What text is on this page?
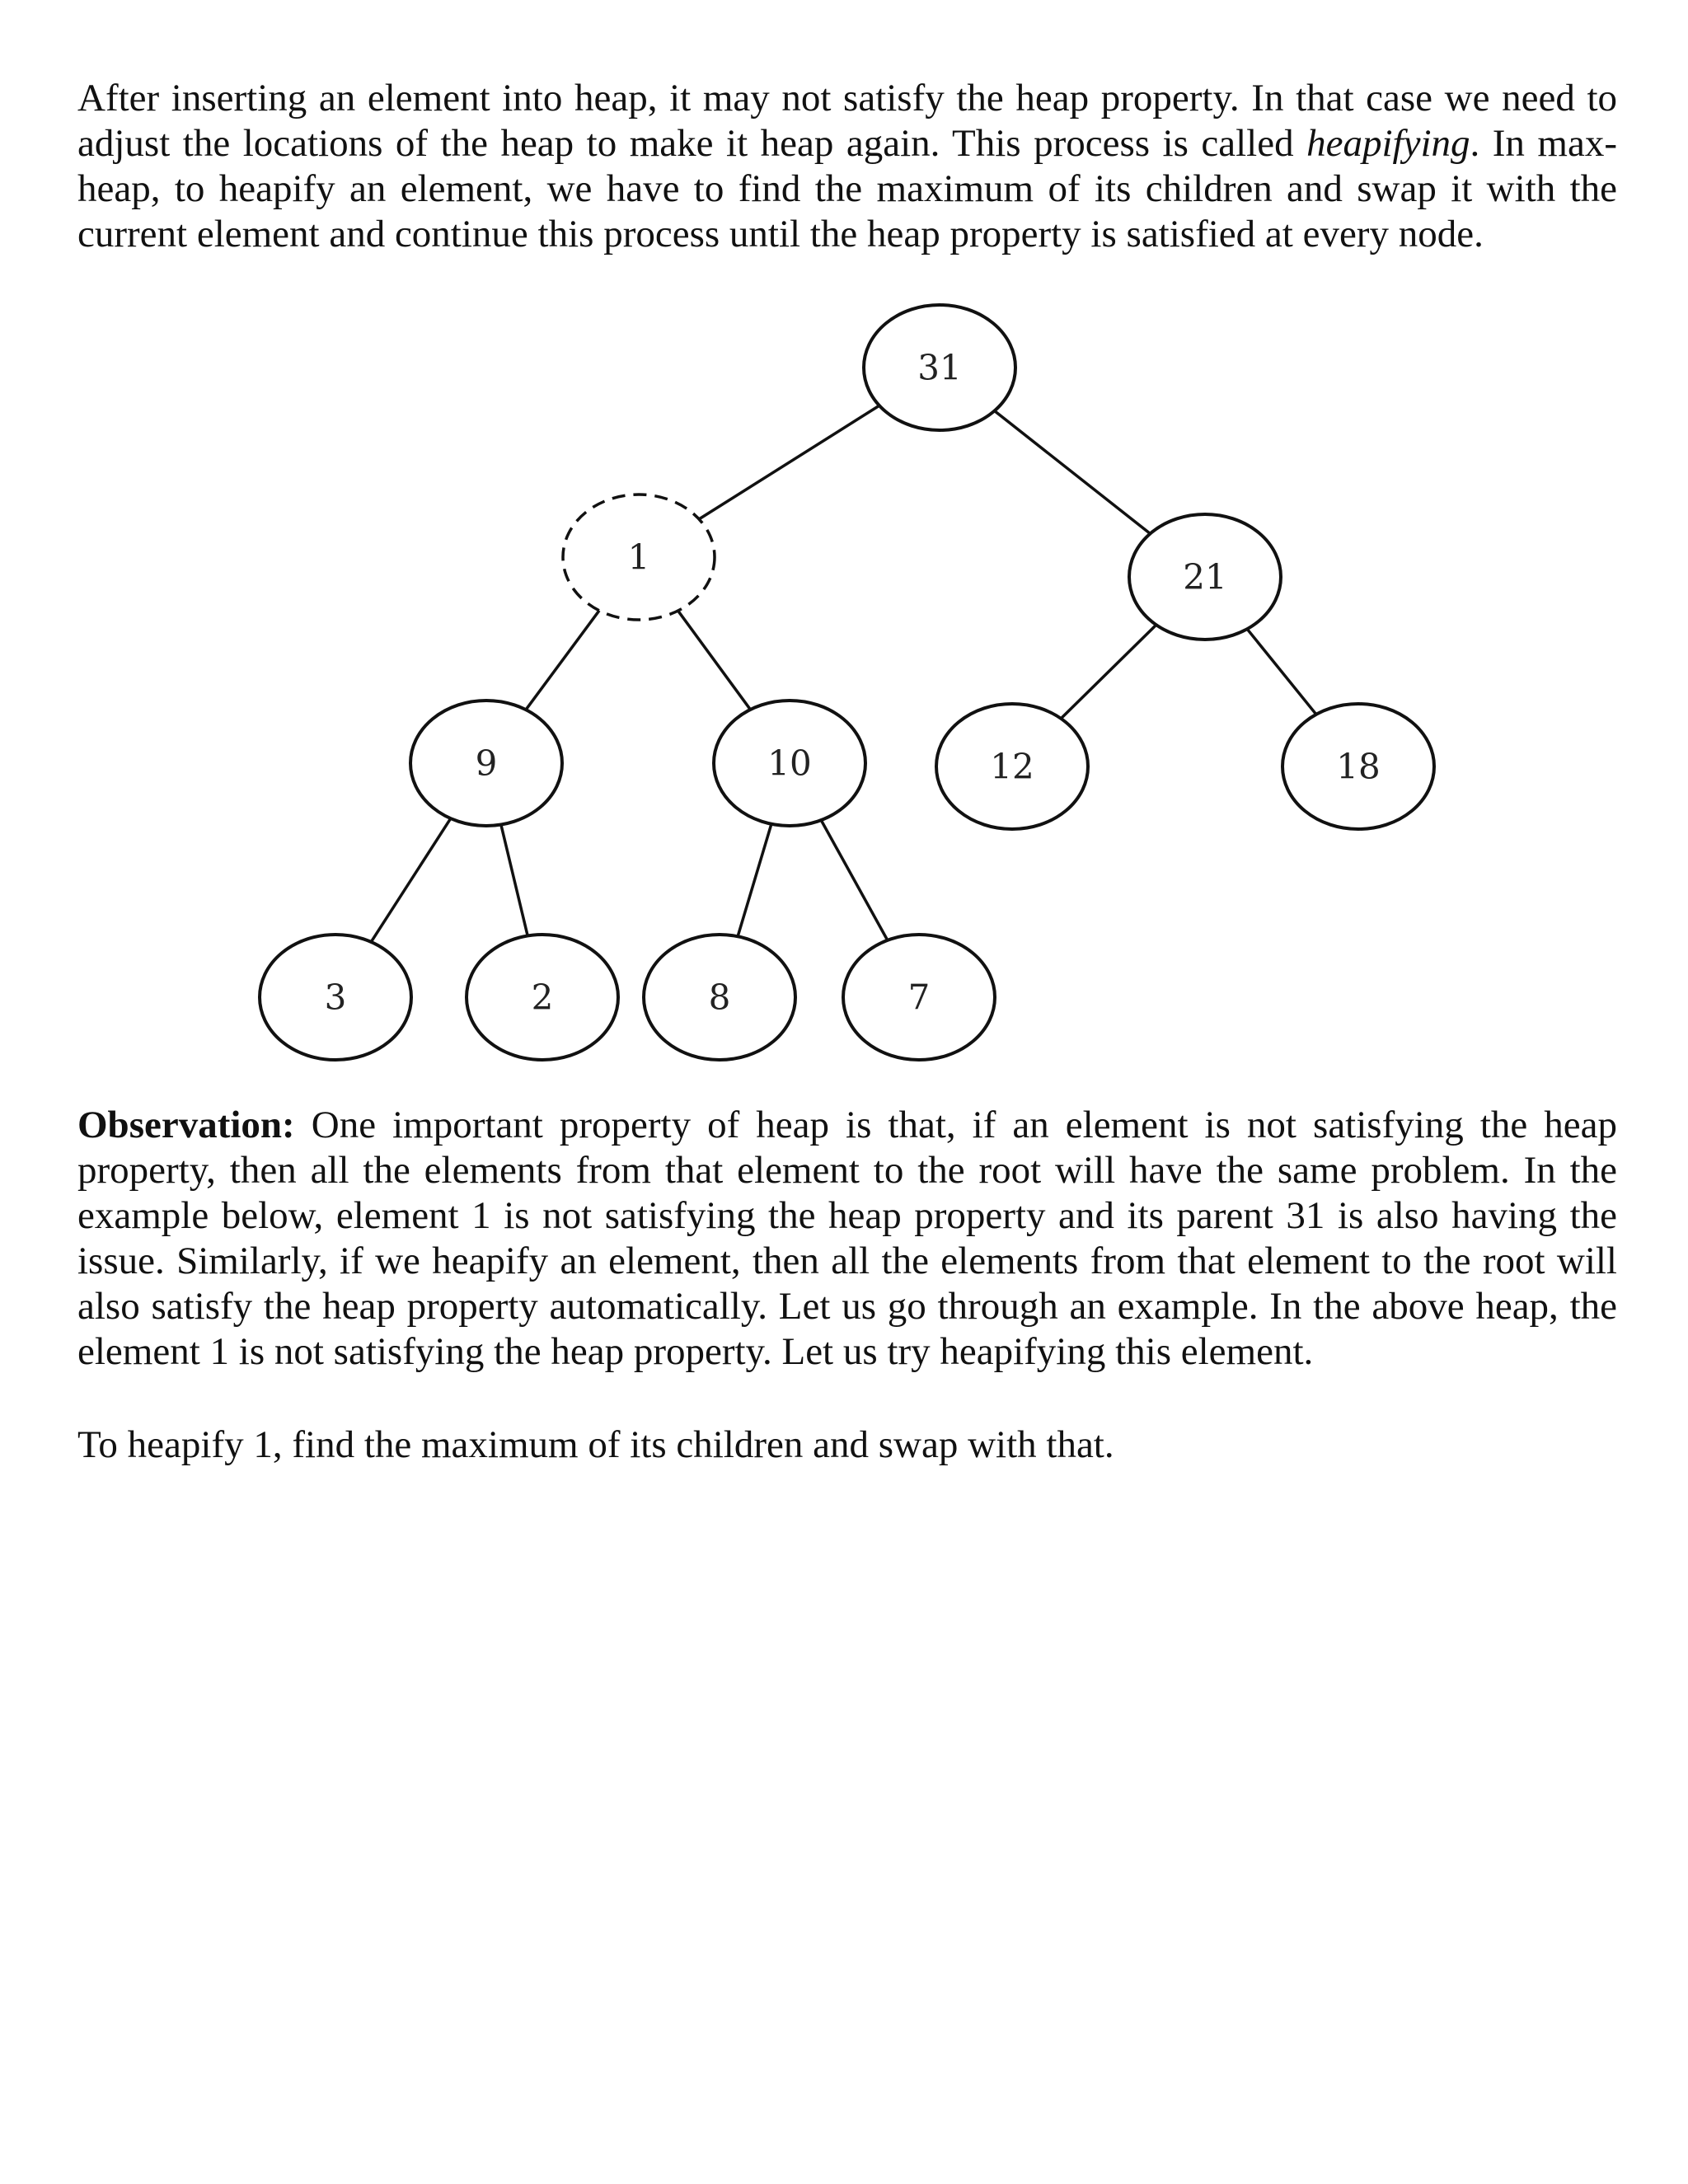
After inserting an element into heap, it may not satisfy the heap property. In that case we need to adjust the locations of the heap to make it heap again. This process is called heapifying. In max-heap, to heapify an element, we have to find the maximum of its children and swap it with the current element and continue this process until the heap property is satisfied at every node.

31
1	21
9	10	12	18
3	2	8	7

Observation: One important property of heap is that, if an element is not satisfying the heap property, then all the elements from that element to the root will have the same problem. In the example below, element 1 is not satisfying the heap property and its parent 31 is also having the issue. Similarly, if we heapify an element, then all the elements from that element to the root will also satisfy the heap property automatically. Let us go through an example. In the above heap, the element 1 is not satisfying the heap property. Let us try heapifying this element.

To heapify 1, find the maximum of its children and swap with that.
